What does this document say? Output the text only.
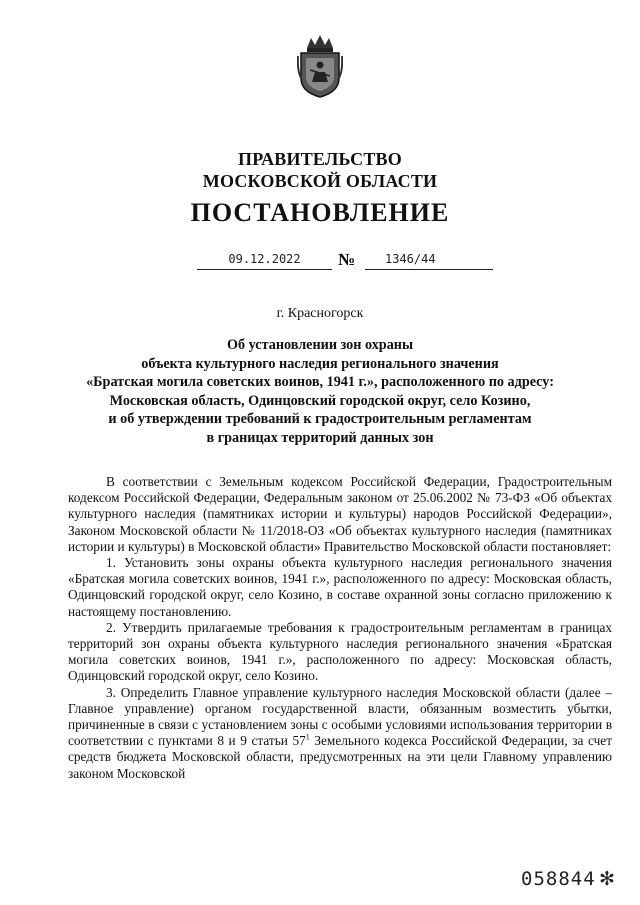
ПРАВИТЕЛЬСТВО
МОСКОВСКОЙ ОБЛАСТИ
ПОСТАНОВЛЕНИЕ
09.12.2022	№	1346/44
г. Красногорск
Об установлении зон охраны
объекта культурного наследия регионального значения
«Братская могила советских воинов, 1941 г.», расположенного по адресу:
Московская область, Одинцовский городской округ, село Козино,
и об утверждении требований к градостроительным регламентам
в границах территорий данных зон

В соответствии с Земельным кодексом Российской Федерации, Градостроительным кодексом Российской Федерации, Федеральным законом от 25.06.2002 № 73-ФЗ «Об объектах культурного наследия (памятниках истории и культуры) народов Российской Федерации», Законом Московской области № 11/2018-ОЗ «Об объектах культурного наследия (памятниках истории и культуры) в Московской области» Правительство Московской области постановляет:

1. Установить зоны охраны объекта культурного наследия регионального значения «Братская могила советских воинов, 1941 г.», расположенного по адресу: Московская область, Одинцовский городской округ, село Козино, в составе охранной зоны согласно приложению к настоящему постановлению.

2. Утвердить прилагаемые требования к градостроительным регламентам в границах территорий зон охраны объекта культурного наследия регионального значения «Братская могила советских воинов, 1941 г.», расположенного по адресу: Московская область, Одинцовский городской округ, село Козино.

3. Определить Главное управление культурного наследия Московской области (далее – Главное управление) органом государственной власти, обязанным возместить убытки, причиненные в связи с установлением зоны с особыми условиями использования территории в соответствии с пунктами 8 и 9 статьи $57^1$ Земельного кодекса Российской Федерации, за счет средств бюджета Московской области, предусмотренных на эти цели Главному управлению законом Московской

058844 ✻
